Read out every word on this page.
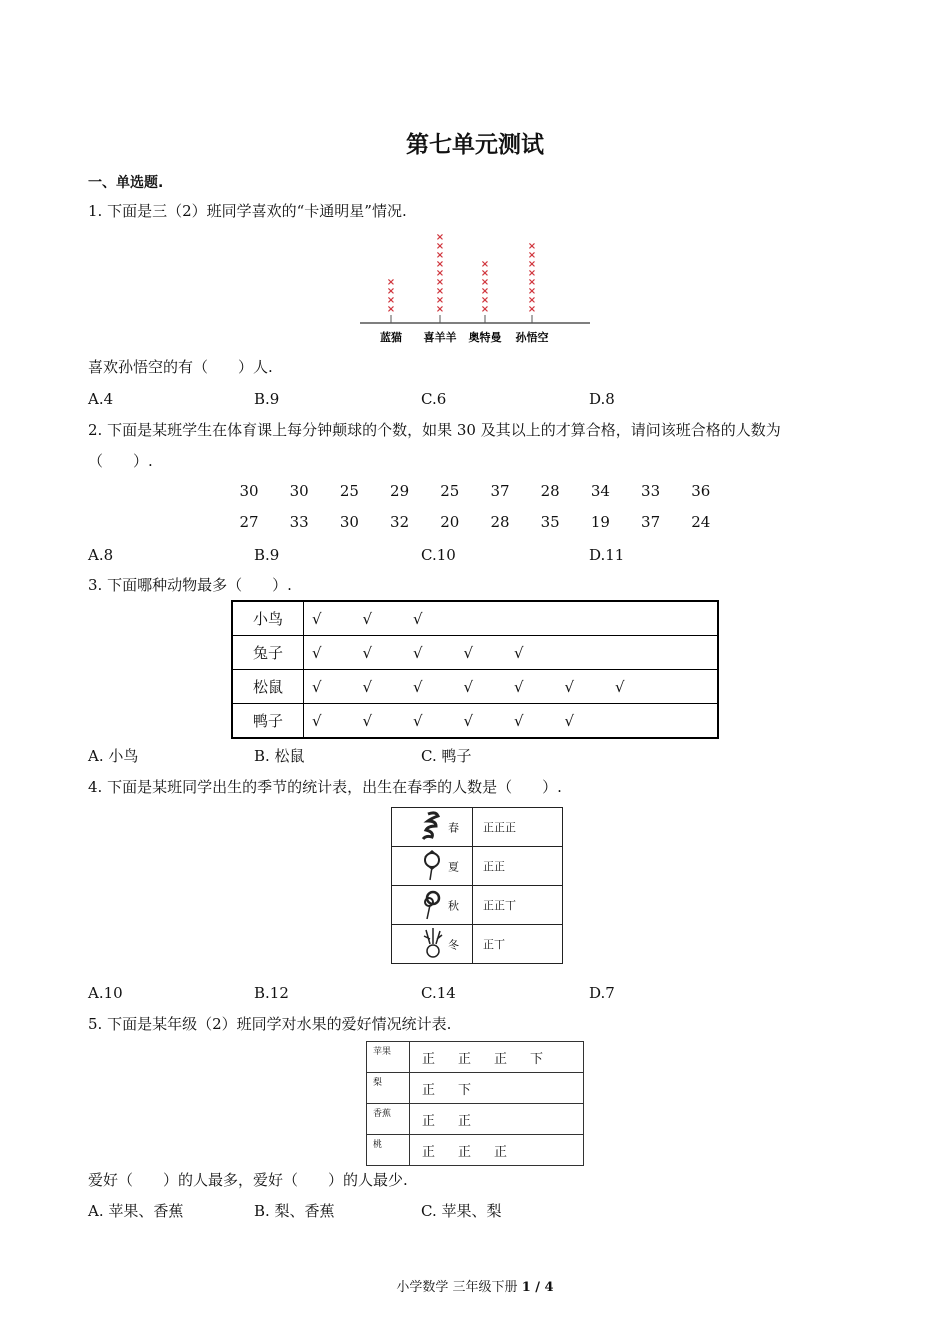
第七单元测试
一、单选题.
1. 下面是三（2）班同学喜欢的“卡通明星”情况.
×
×
×
×
蓝猫
×
×
×
×
×
×
×
×
×
喜羊羊
×
×
×
×
×
×
奥特曼
×
×
×
×
×
×
×
×
孙悟空
喜欢孙悟空的有（　　）人.
A.4	B.9	C.6	D.8
2. 下面是某班学生在体育课上每分钟颠球的个数，如果 30 及其以上的才算合格，请问该班合格的人数为
（　　）.
30	30	25	29	25	37	28	34	33	36
27	33	30	32	20	28	35	19	37	24
A.8	B.9	C.10	D.11
3. 下面哪种动物最多（　　）.
小鸟	√ √ √
兔子	√ √ √ √ √
松鼠	√ √ √ √ √ √ √
鸭子	√ √ √ √ √ √
A. 小鸟	B. 松鼠	C. 鸭子
4. 下面是某班同学出生的季节的统计表，出生在春季的人数是（　　）.
春	正正正
夏	正正
秋	正正丅
冬	正丅
A.10	B.12	C.14	D.7
5. 下面是某年级（2）班同学对水果的爱好情况统计表.
苹果	正 正 正 下
梨	正 下
香蕉	正 正
桃	正 正 正
爱好（　　）的人最多，爱好（　　）的人最少.
A. 苹果、香蕉	B. 梨、香蕉	C. 苹果、梨
小学数学 三年级下册 1 / 4
